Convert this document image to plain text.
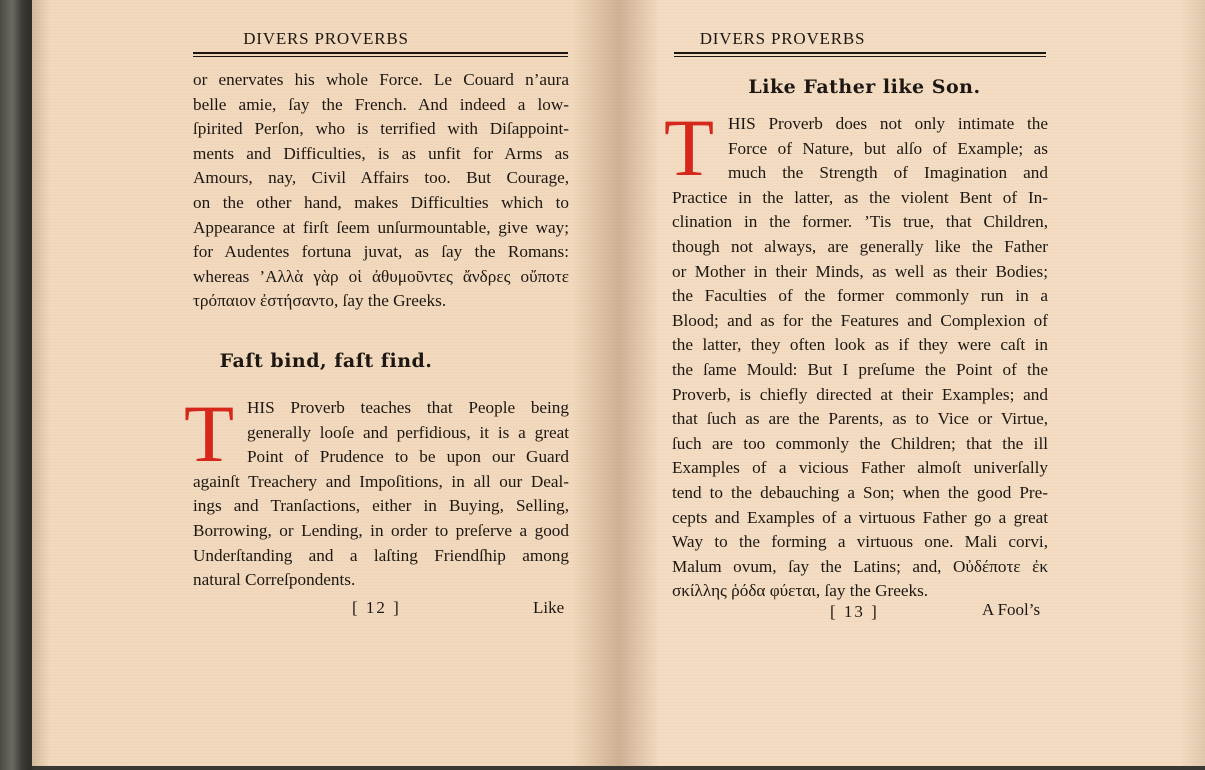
DIVERS PROVERBS
or enervates his whole Force. Le Couard n’aura
belle amie, ſay the French. And indeed a low-
ſpirited Perſon, who is terrified with Diſappoint-
ments and Difficulties, is as unfit for Arms as
Amours, nay, Civil Affairs too. But Courage,
on the other hand, makes Difficulties which to
Appearance at firſt ſeem unſurmountable, give way;
for Audentes fortuna juvat, as ſay the Romans:
whereas ’Αλλὰ γὰρ οἱ ἀθυμοῦντες ἄνδρες οὔποτε
τρόπαιον ἐστήσαντο, ſay the Greeks.
Faſt bind, faſt find.
T HIS Proverb teaches that People being
generally looſe and perfidious, it is a great
Point of Prudence to be upon our Guard
againſt Treachery and Impoſitions, in all our Deal-
ings and Tranſactions, either in Buying, Selling,
Borrowing, or Lending, in order to preſerve a good
Underſtanding and a laſting Friendſhip among
natural Correſpondents.
[ 12 ]	Like
DIVERS PROVERBS
Like Father like Son.
T HIS Proverb does not only intimate the
Force of Nature, but alſo of Example; as
much the Strength of Imagination and
Practice in the latter, as the violent Bent of In-
clination in the former. ’Tis true, that Children,
though not always, are generally like the Father
or Mother in their Minds, as well as their Bodies;
the Faculties of the former commonly run in a
Blood; and as for the Features and Complexion of
the latter, they often look as if they were caſt in
the ſame Mould: But I preſume the Point of the
Proverb, is chiefly directed at their Examples; and
that ſuch as are the Parents, as to Vice or Virtue,
ſuch are too commonly the Children; that the ill
Examples of a vicious Father almoſt univerſally
tend to the debauching a Son; when the good Pre-
cepts and Examples of a virtuous Father go a great
Way to the forming a virtuous one. Mali corvi,
Malum ovum, ſay the Latins; and, Οὐδέποτε ἐκ
σκίλλης ῥόδα φύεται, ſay the Greeks.
[ 13 ]	A Fool’s
